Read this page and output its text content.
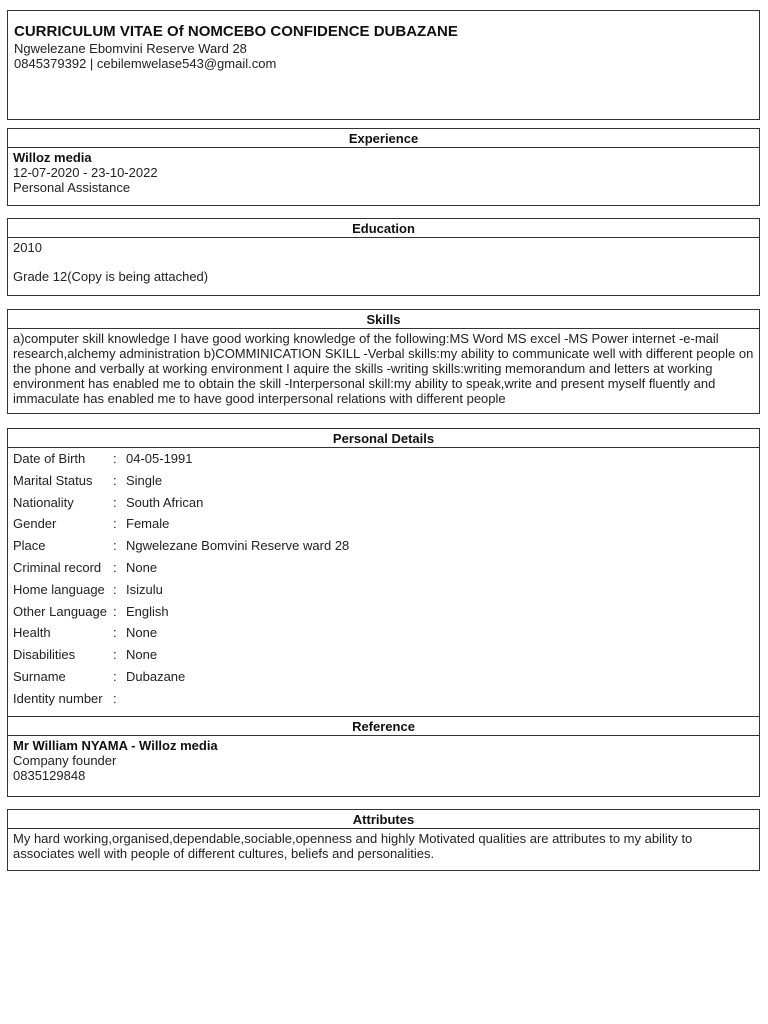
CURRICULUM VITAE Of NOMCEBO CONFIDENCE DUBAZANE
Ngwelezane Ebomvini Reserve Ward 28
0845379392 | cebilemwelase543@gmail.com
Experience
Willoz media
12-07-2020 - 23-10-2022
Personal Assistance
Education
2010
Grade 12(Copy is being attached)
Skills
a)computer skill knowledge I have good working knowledge of the following:MS Word MS excel -MS Power internet -e-mail research,alchemy administration b)COMMINICATION SKILL -Verbal skills:my ability to communicate well with different people on the phone and verbally at working environment I aquire the skills -writing skills:writing memorandum and letters at working environment has enabled me to obtain the skill -Interpersonal skill:my ability to speak,write and present myself fluently and immaculate has enabled me to have good interpersonal relations with different people
Personal Details
Date of Birth	: 04-05-1991
Marital Status	: Single
Nationality	: South African
Gender	: Female
Place	: Ngwelezane Bomvini Reserve ward 28
Criminal record : None
Home language : Isizulu
Other Language : English
Health	: None
Disabilities	: None
Surname	: Dubazane
Identity number :
Reference
Mr William NYAMA - Willoz media
Company founder
0835129848
Attributes
My hard working,organised,dependable,sociable,openness and highly Motivated qualities are attributes to my ability to associates well with people of different cultures, beliefs and personalities.
